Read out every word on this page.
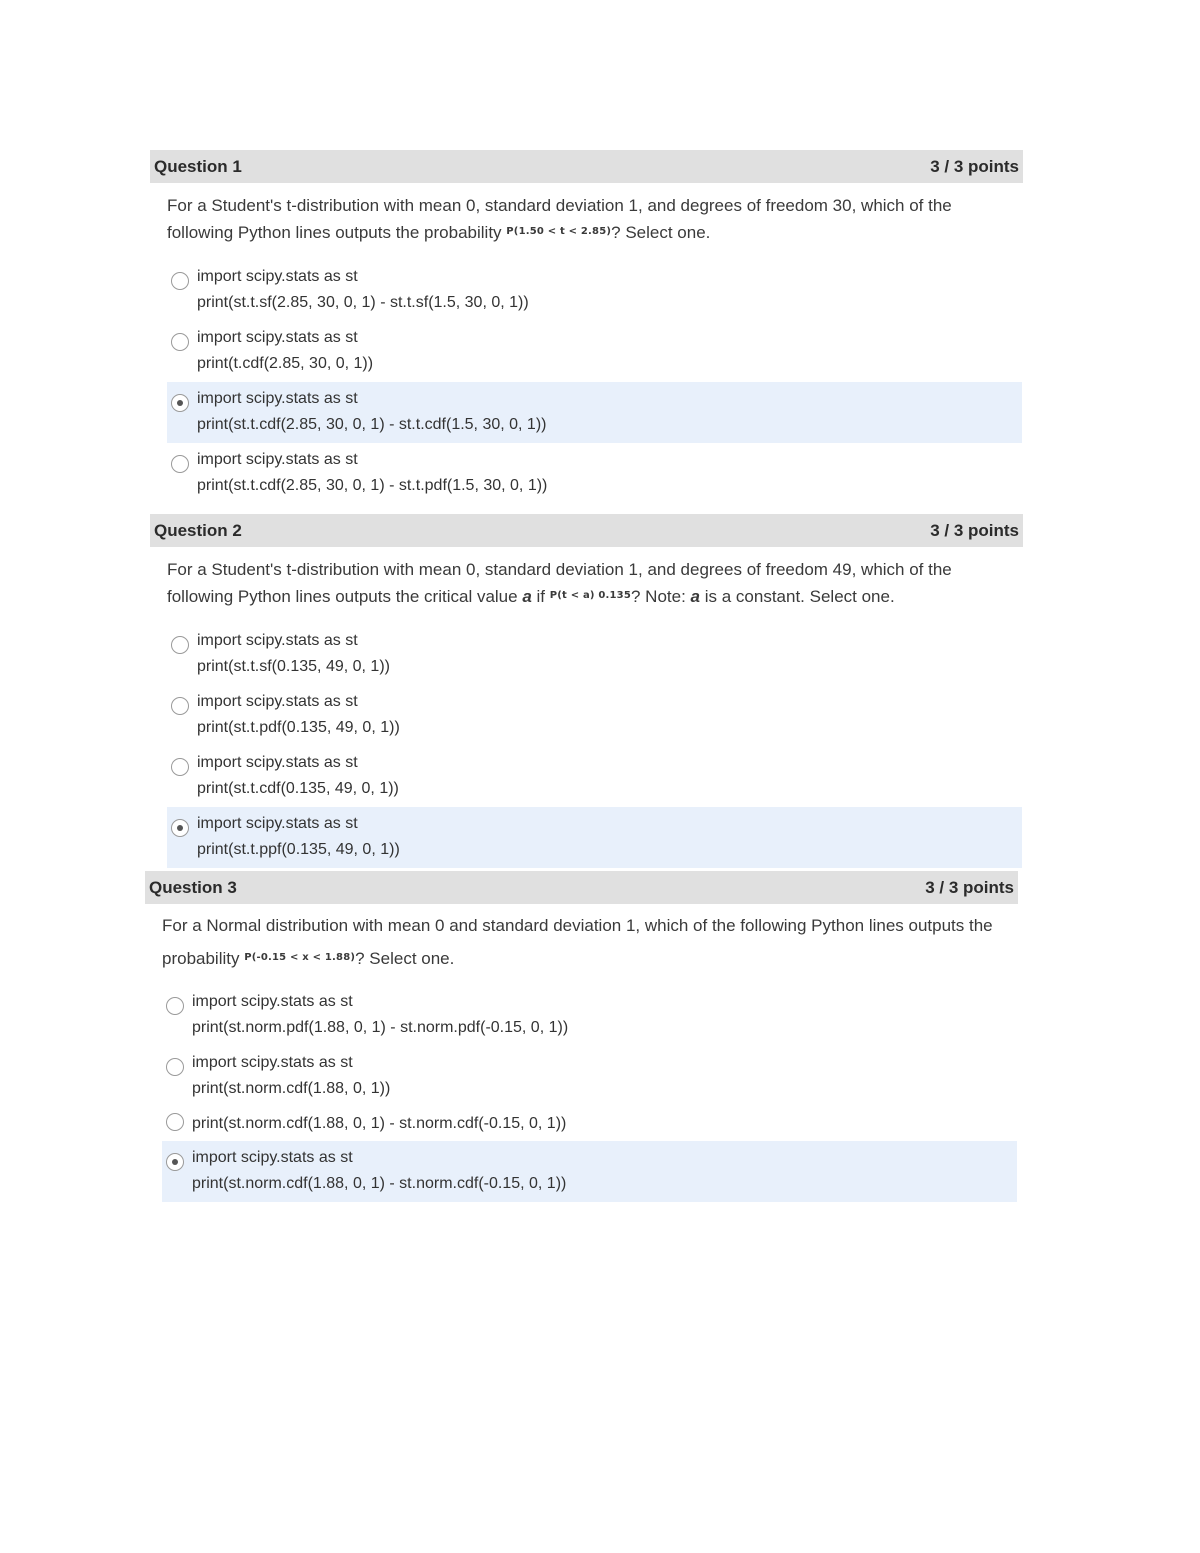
Question 1	3 / 3 points
For a Student's t-distribution with mean 0, standard deviation 1, and degrees of freedom 30, which of the following Python lines outputs the probability $^{P(1.50 < t < 2.85)}$? Select one.
import scipy.stats as st
print(st.t.sf(2.85, 30, 0, 1) - st.t.sf(1.5, 30, 0, 1))
import scipy.stats as st
print(t.cdf(2.85, 30, 0, 1))
import scipy.stats as st
print(st.t.cdf(2.85, 30, 0, 1) - st.t.cdf(1.5, 30, 0, 1))
import scipy.stats as st
print(st.t.cdf(2.85, 30, 0, 1) - st.t.pdf(1.5, 30, 0, 1))
Question 2	3 / 3 points
For a Student's t-distribution with mean 0, standard deviation 1, and degrees of freedom 49, which of the following Python lines outputs the critical value a if $^{P(t < a) 0.135}$? Note: a is a constant. Select one.
import scipy.stats as st
print(st.t.sf(0.135, 49, 0, 1))
import scipy.stats as st
print(st.t.pdf(0.135, 49, 0, 1))
import scipy.stats as st
print(st.t.cdf(0.135, 49, 0, 1))
import scipy.stats as st
print(st.t.ppf(0.135, 49, 0, 1))
Question 3	3 / 3 points
For a Normal distribution with mean 0 and standard deviation 1, which of the following Python lines outputs the probability $^{P(-0.15 < x < 1.88)}$? Select one.
import scipy.stats as st
print(st.norm.pdf(1.88, 0, 1) - st.norm.pdf(-0.15, 0, 1))
import scipy.stats as st
print(st.norm.cdf(1.88, 0, 1))
print(st.norm.cdf(1.88, 0, 1) - st.norm.cdf(-0.15, 0, 1))
import scipy.stats as st
print(st.norm.cdf(1.88, 0, 1) - st.norm.cdf(-0.15, 0, 1))
